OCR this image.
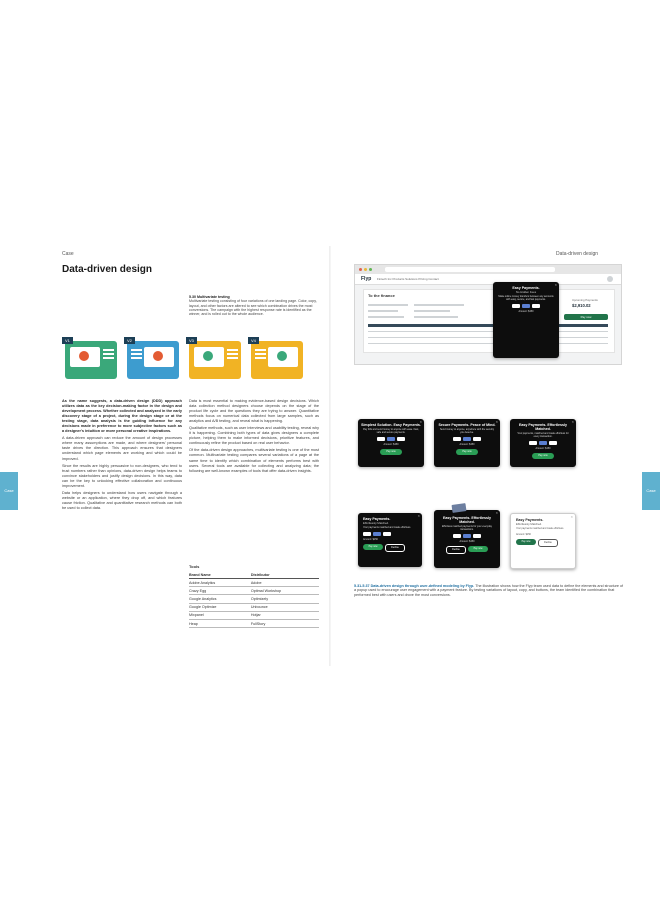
Case
Data-driven design
5.30 Multivariate testing
Multivariate testing consisting of four variations of one landing page. Color, copy, layout, and other factors are altered to see which combination drives the most conversions. The campaign with the highest response rate is identified as the winner, and is rolled out to the whole audience.
V1	V2	V3	V4

As the name suggests, a data-driven design (DDD) approach utilizes data as the key decision-making factor in the design and development process. Whether collected and analyzed in the early discovery stage of a project, during the design stage or at the testing stage, data analysis is the guiding influence for any decisions made in preference to more subjective factors such as a designer's intuition or more personal creative inspirations.

A data-driven approach can reduce the amount of design processes where many assumptions are made, and where designers' personal taste drives the direction. This approach ensures that designers understand which page elements are working and which could be improved.

Since the results are highly persuasive to non-designers, who tend to trust numbers rather than opinions, data-driven design helps teams to convince stakeholders and justify design decisions. In this way, data can be the key to unlocking effective collaboration and continuous improvement.

Data helps designers to understand how users navigate through a website or an application, where they drop off, and which features cause friction. Qualitative and quantitative research methods can both be used to collect data.

Data is most essential to making evidence-based design decisions. Which data collection method designers choose depends on the stage of the product life cycle and the questions they are trying to answer. Quantitative methods focus on numerical data collected from large samples, such as analytics and A/B testing, and reveal what is happening.

Qualitative methods, such as user interviews and usability testing, reveal why it is happening. Combining both types of data gives designers a complete picture, helping them to make informed decisions, prioritize features, and continuously refine the product based on real user behavior.

Of the data-driven design approaches, multivariate testing is one of the most common. Multivariate testing compares several variations of a page at the same time to identify which combination of elements performs best with users. Several tools are available for collecting and analyzing data; the following are well-known examples of tools that offer data-driven insights.

Tools
Brand Name	Distributor
Adobe Analytics	Adobe
Crazy Egg	Optimal Workshop
Google Analytics	Optimizely
Google Optimize	Unbounce
Mixpanel	Hotjar
Heap	FullStory
Data-driven design
Flyp Fintech Inc Products Solutions Pricing Contact
To the finance
Upcoming Payments
$2,910.02
Pay now
✕
Easy Payments.
No Hidden Fees
Make online money transfers between any accounts with easy, secure, and fast payments.
Amount: $150
✕
Simplest Solution. Easy Payments.
Pay bills and send money to anyone with ease. Fast, safe and secure payments.
Amount: $150
Pay now
✕
Secure Payments. Peace of Mind.
Send money to anyone, anywhere with the security you deserve.
Amount: $150
Pay now
✕
Easy Payments. Effortlessly Matched.
Your payments, matched and made effortless for every transaction.
Amount: $150
Pay now
✕
Easy Payments.
Effortlessly Matched.
Your payments matched and made effortless.
Amount: $150
Pay now	Decline
✕
Easy Payments. Effortlessly Matched.
Effortless matched payments for your everyday transactions.
Amount: $150
Decline	Pay now
✕
Easy Payments.
Effortlessly Matched.
Your payments matched and made effortless.
Amount: $150
Pay now	Decline
5.31-5.37 Data-driven design through user-defined modeling by Flyp. The illustration shows how the Flyp team used data to define the elements and structure of a popup used to encourage user engagement with a payment feature. By testing variations of layout, copy, and buttons, the team identified the combination that performed best with users and drove the most conversions.
Case	Case
